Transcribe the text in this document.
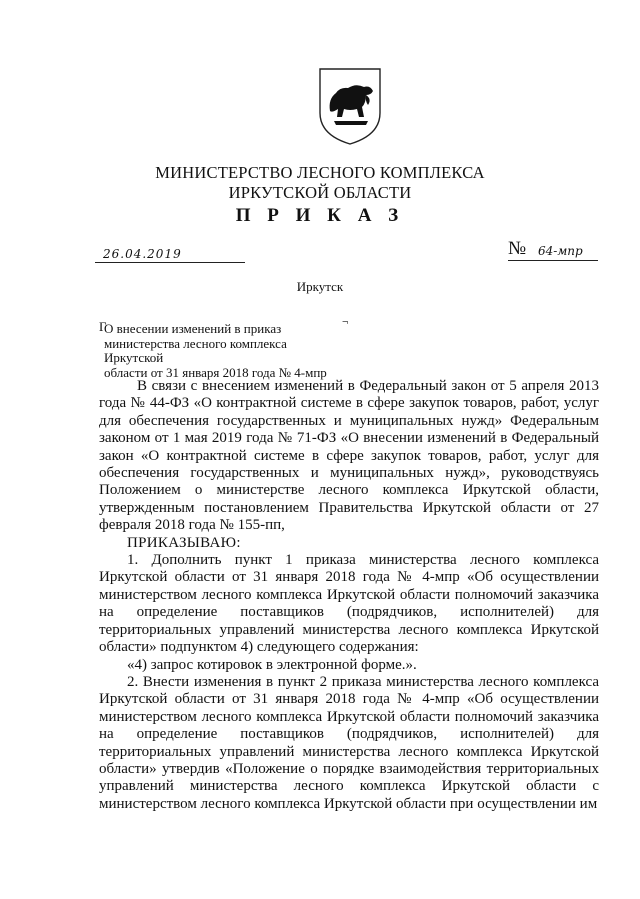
МИНИСТЕРСТВО ЛЕСНОГО КОМПЛЕКСА
ИРКУТСКОЙ ОБЛАСТИ
П Р И К А З
26.04.2019	№ 64-мпр
Иркутск
Г	¬
О внесении изменений в приказ
министерства лесного комплекса Иркутской
области от 31 января 2018 года № 4-мпр

В связи с внесением изменений в Федеральный закон от 5 апреля 2013 года № 44-ФЗ «О контрактной системе в сфере закупок товаров, работ, услуг для обеспечения государственных и муниципальных нужд» Федеральным законом от 1 мая 2019 года № 71-ФЗ «О внесении изменений в Федеральный закон «О контрактной системе в сфере закупок товаров, работ, услуг для обеспечения государственных и муниципальных нужд», руководствуясь Положением о министерстве лесного комплекса Иркутской области, утвержденным постановлением Правительства Иркутской области от 27 февраля 2018 года № 155-пп,

ПРИКАЗЫВАЮ:

1. Дополнить пункт 1 приказа министерства лесного комплекса Иркутской области от 31 января 2018 года № 4-мпр «Об осуществлении министерством лесного комплекса Иркутской области полномочий заказчика на определение поставщиков (подрядчиков, исполнителей) для территориальных управлений министерства лесного комплекса Иркутской области» подпунктом 4) следующего содержания:

«4) запрос котировок в электронной форме.».

2. Внести изменения в пункт 2 приказа министерства лесного комплекса Иркутской области от 31 января 2018 года № 4-мпр «Об осуществлении министерством лесного комплекса Иркутской области полномочий заказчика на определение поставщиков (подрядчиков, исполнителей) для территориальных управлений министерства лесного комплекса Иркутской области» утвердив «Положение о порядке взаимодействия территориальных управлений министерства лесного комплекса Иркутской области с министерством лесного комплекса Иркутской области при осуществлении им
